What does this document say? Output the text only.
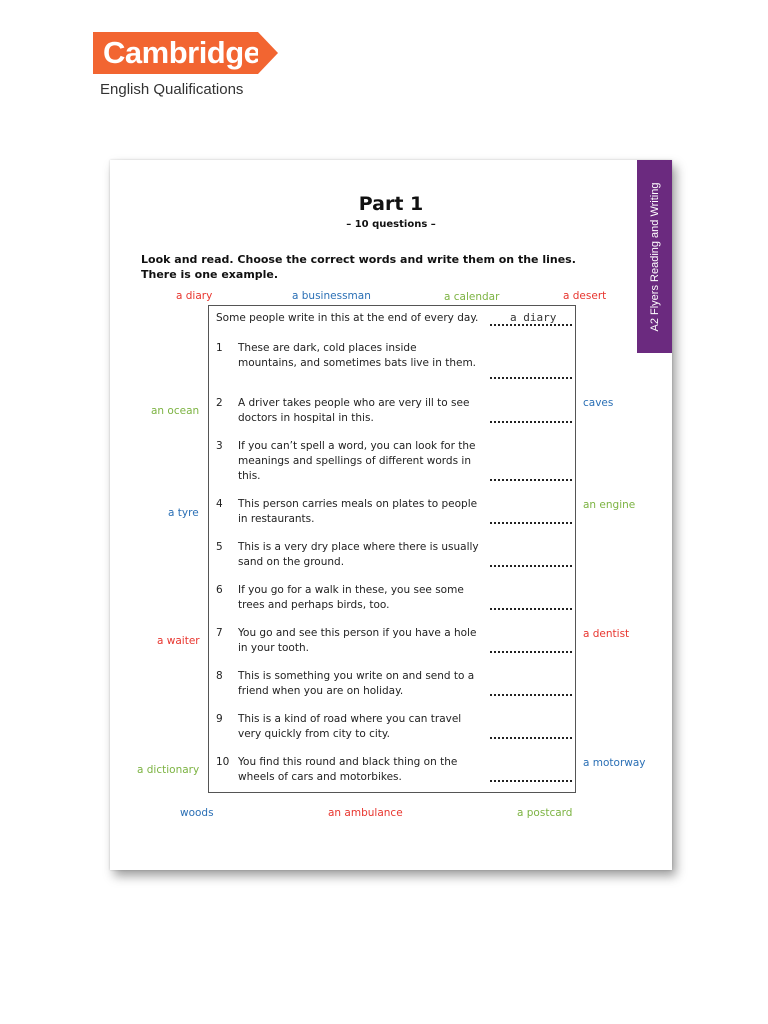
Cambridge
English Qualifications
A2 Flyers Reading and Writing
Part 1
– 10 questions –
Look and read. Choose the correct words and write them on the lines.
There is one example.
a diary	a businessman	a calendar	a desert
an ocean
caves
a tyre
an engine
a waiter
a dentist
a dictionary
a motorway
woods	an ambulance	a postcard
Some people write in this at the end of every day.	a diary
1 These are dark, cold places inside
mountains, and sometimes bats live in them.
2 A driver takes people who are very ill to see
doctors in hospital in this.
3 If you can’t spell a word, you can look for the
meanings and spellings of different words in
this.
4 This person carries meals on plates to people
in restaurants.
5 This is a very dry place where there is usually
sand on the ground.
6 If you go for a walk in these, you see some
trees and perhaps birds, too.
7 You go and see this person if you have a hole
in your tooth.
8 This is something you write on and send to a
friend when you are on holiday.
9 This is a kind of road where you can travel
very quickly from city to city.
10 You find this round and black thing on the
wheels of cars and motorbikes.
